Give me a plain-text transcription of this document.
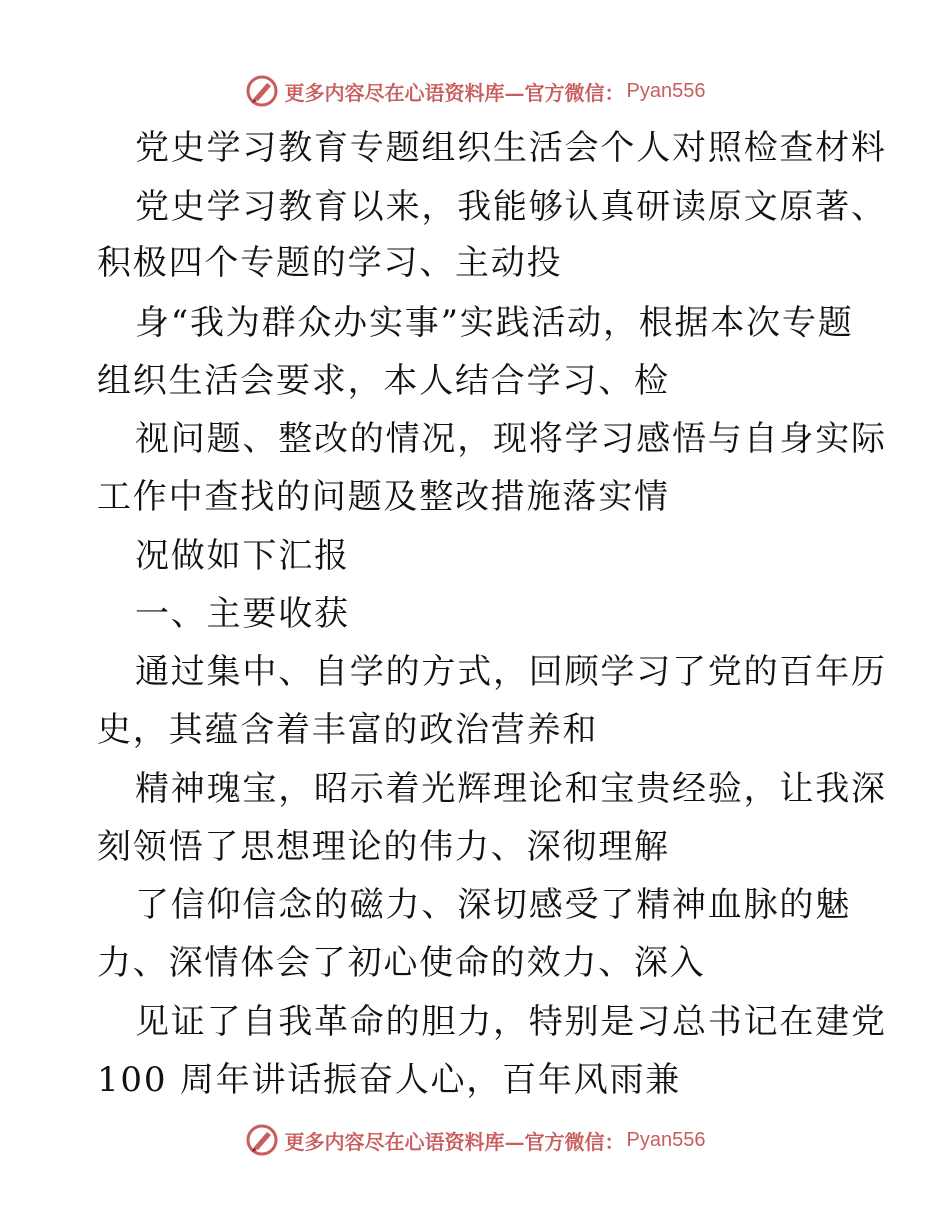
更多内容尽在心语资料库—官方微信： Pyan556

党史学习教育专题组织生活会个人对照检查材料

党史学习教育以来，我能够认真研读原文原著、

积极四个专题的学习、主动投

身“我为群众办实事”实践活动，根据本次专题

组织生活会要求，本人结合学习、检

视问题、整改的情况，现将学习感悟与自身实际

工作中查找的问题及整改措施落实情

况做如下汇报

一、主要收获

通过集中、自学的方式，回顾学习了党的百年历

史，其蕴含着丰富的政治营养和

精神瑰宝，昭示着光辉理论和宝贵经验，让我深

刻领悟了思想理论的伟力、深彻理解

了信仰信念的磁力、深切感受了精神血脉的魅

力、深情体会了初心使命的效力、深入

见证了自我革命的胆力，特别是习总书记在建党

100 周年讲话振奋人心，百年风雨兼

更多内容尽在心语资料库—官方微信： Pyan556
